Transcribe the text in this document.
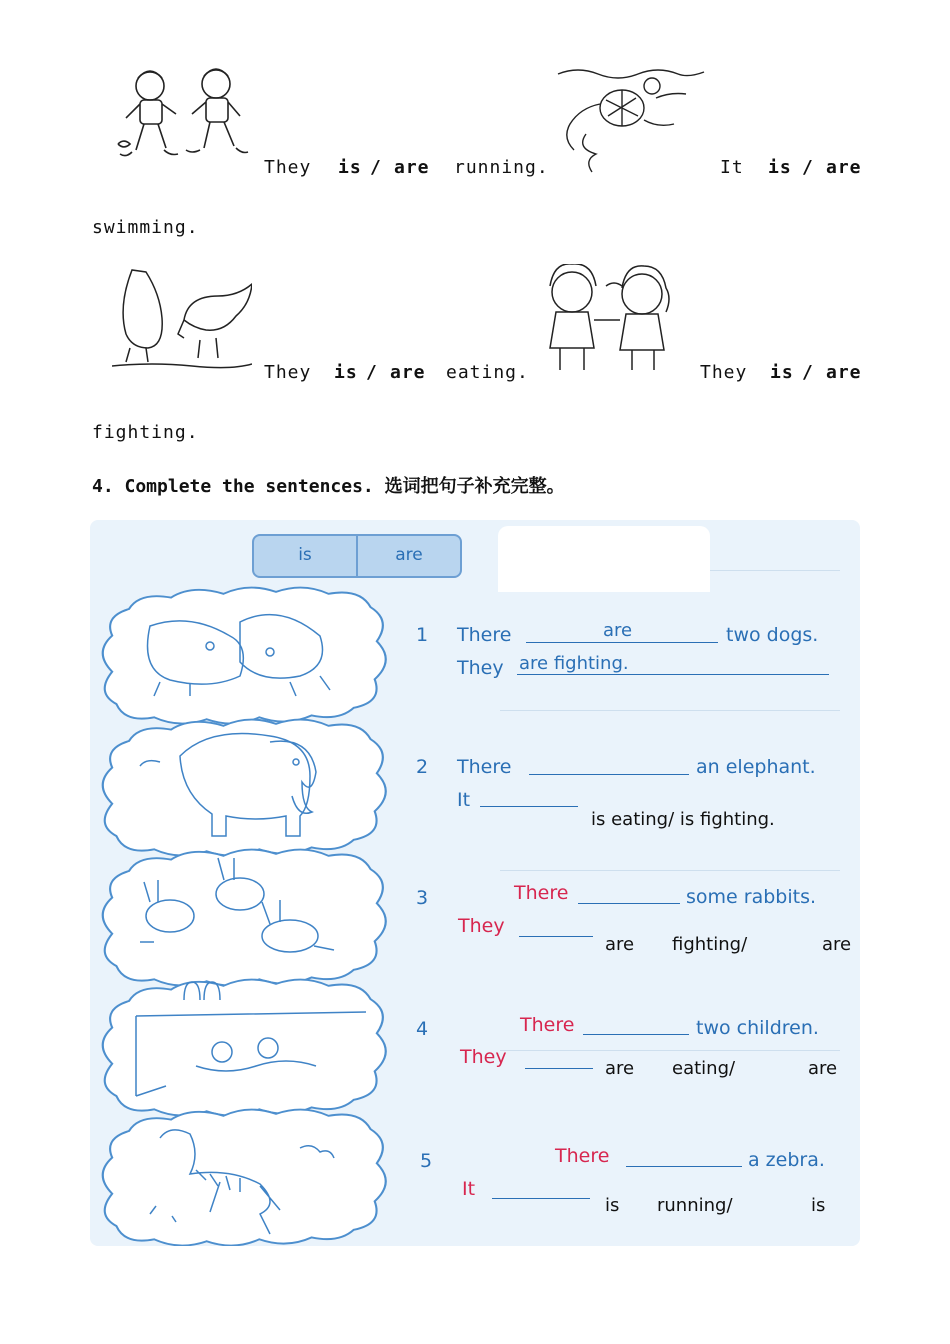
They is / are running.	It is / are
swimming.
They is / are eating.	They is / are
fighting.
4. Complete the sentences. 选词把句子补充完整。
is	are
1 There	are	two dogs.
They are fighting.
2 There	an elephant.
It
is eating/ is fighting.
3	There	some rabbits.
They
are fighting/	are
4	There	two children.
They
are eating/	are
5	There	a zebra.
It
is running/	is
